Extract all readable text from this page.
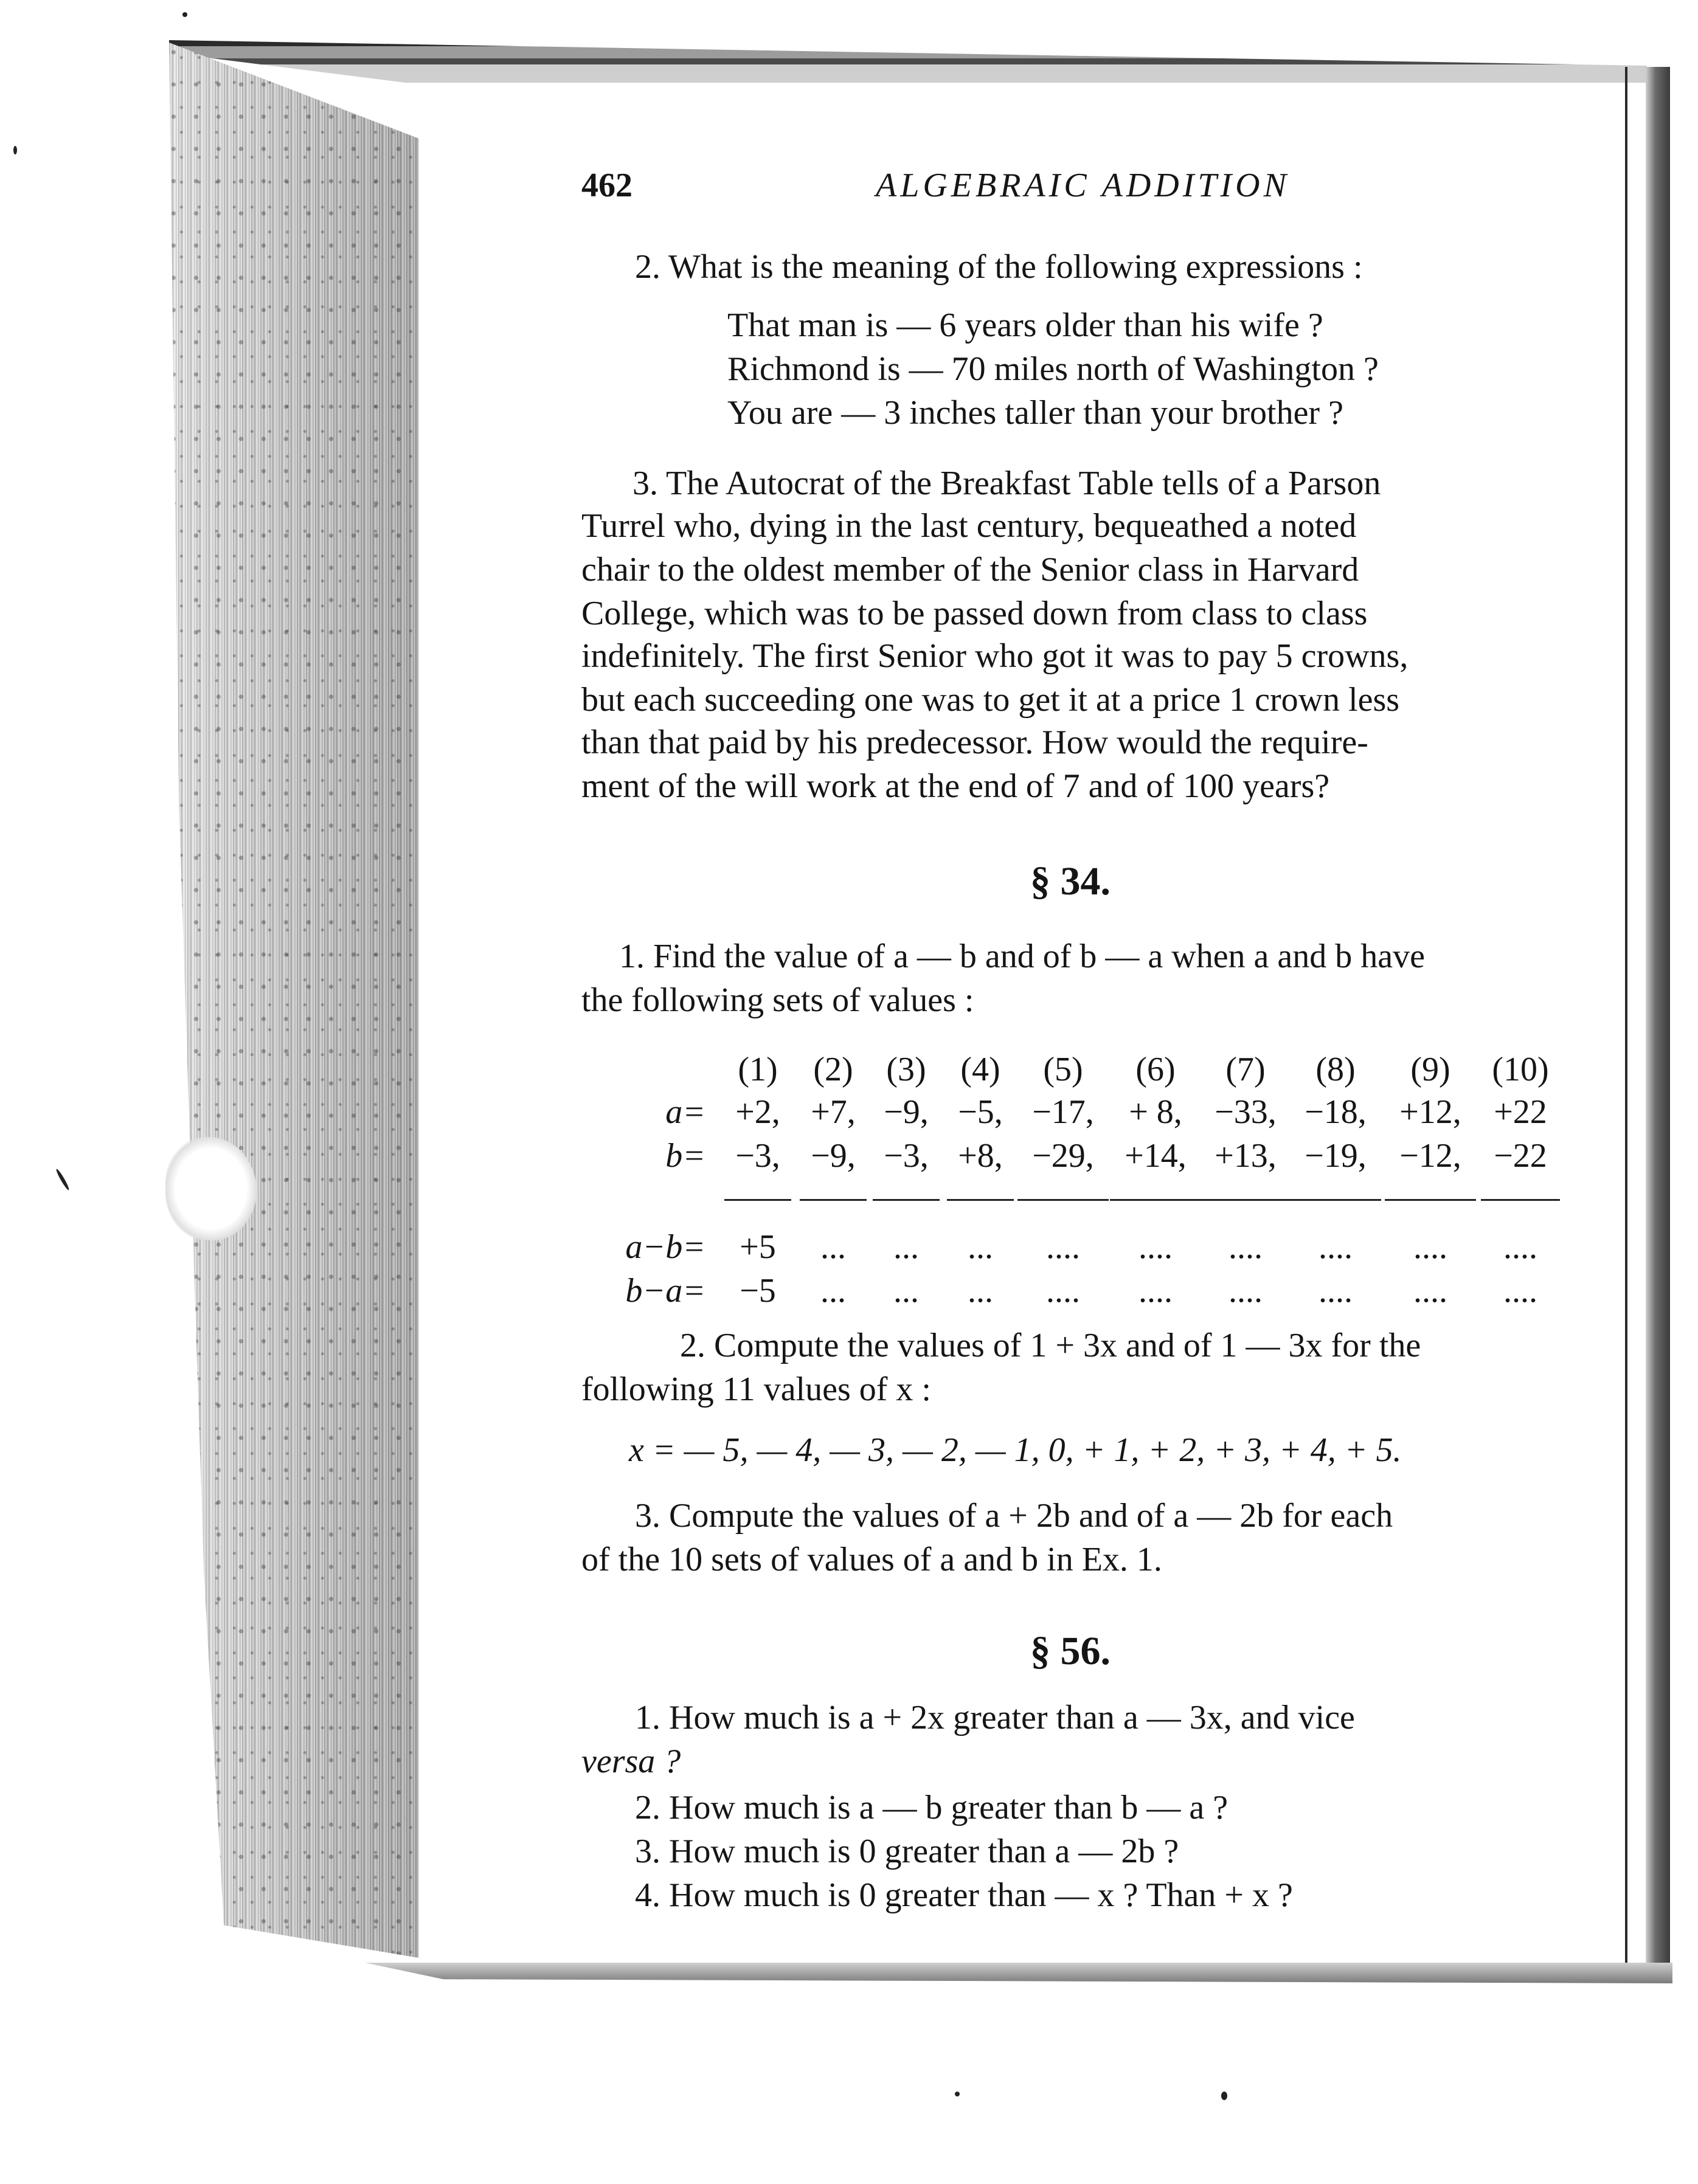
462	ALGEBRAIC ADDITION
2. What is the meaning of the following expressions :
That man is — 6 years older than his wife ?
Richmond is — 70 miles north of Washington ?
You are — 3 inches taller than your brother ?
3. The Autocrat of the Breakfast Table tells of a Parson
Turrel who, dying in the last century, bequeathed a noted
chair to the oldest member of the Senior class in Harvard
College, which was to be passed down from class to class
indefinitely. The first Senior who got it was to pay 5 crowns,
but each succeeding one was to get it at a price 1 crown less
than that paid by his predecessor. How would the require-
ment of the will work at the end of 7 and of 100 years?
§ 34.
1. Find the value of a — b and of b — a when a and b have
the following sets of values :
(1)	(2) (3)	(4)	(5)	(6)	(7)	(8)	(9)	(10)
a= +2, +7, −9, −5, −17,	+ 8, −33, −18, +12, +22
b= −3, −9, −3, +8, −29, +14, +13, −19, −12, −22
a−b=	+5	...	...	...	....	....	....	....	....	....
b−a=	−5	...	...	...	....	....	....	....	....	....
2. Compute the values of 1 + 3x and of 1 — 3x for the
following 11 values of x :
x = — 5, — 4, — 3, — 2, — 1, 0, + 1, + 2, + 3, + 4, + 5.
3. Compute the values of a + 2b and of a — 2b for each
of the 10 sets of values of a and b in Ex. 1.
§ 56.
1. How much is a + 2x greater than a — 3x, and vice
versa ?
2. How much is a — b greater than b — a ?
3. How much is 0 greater than a — 2b ?
4. How much is 0 greater than — x ? Than + x ?
